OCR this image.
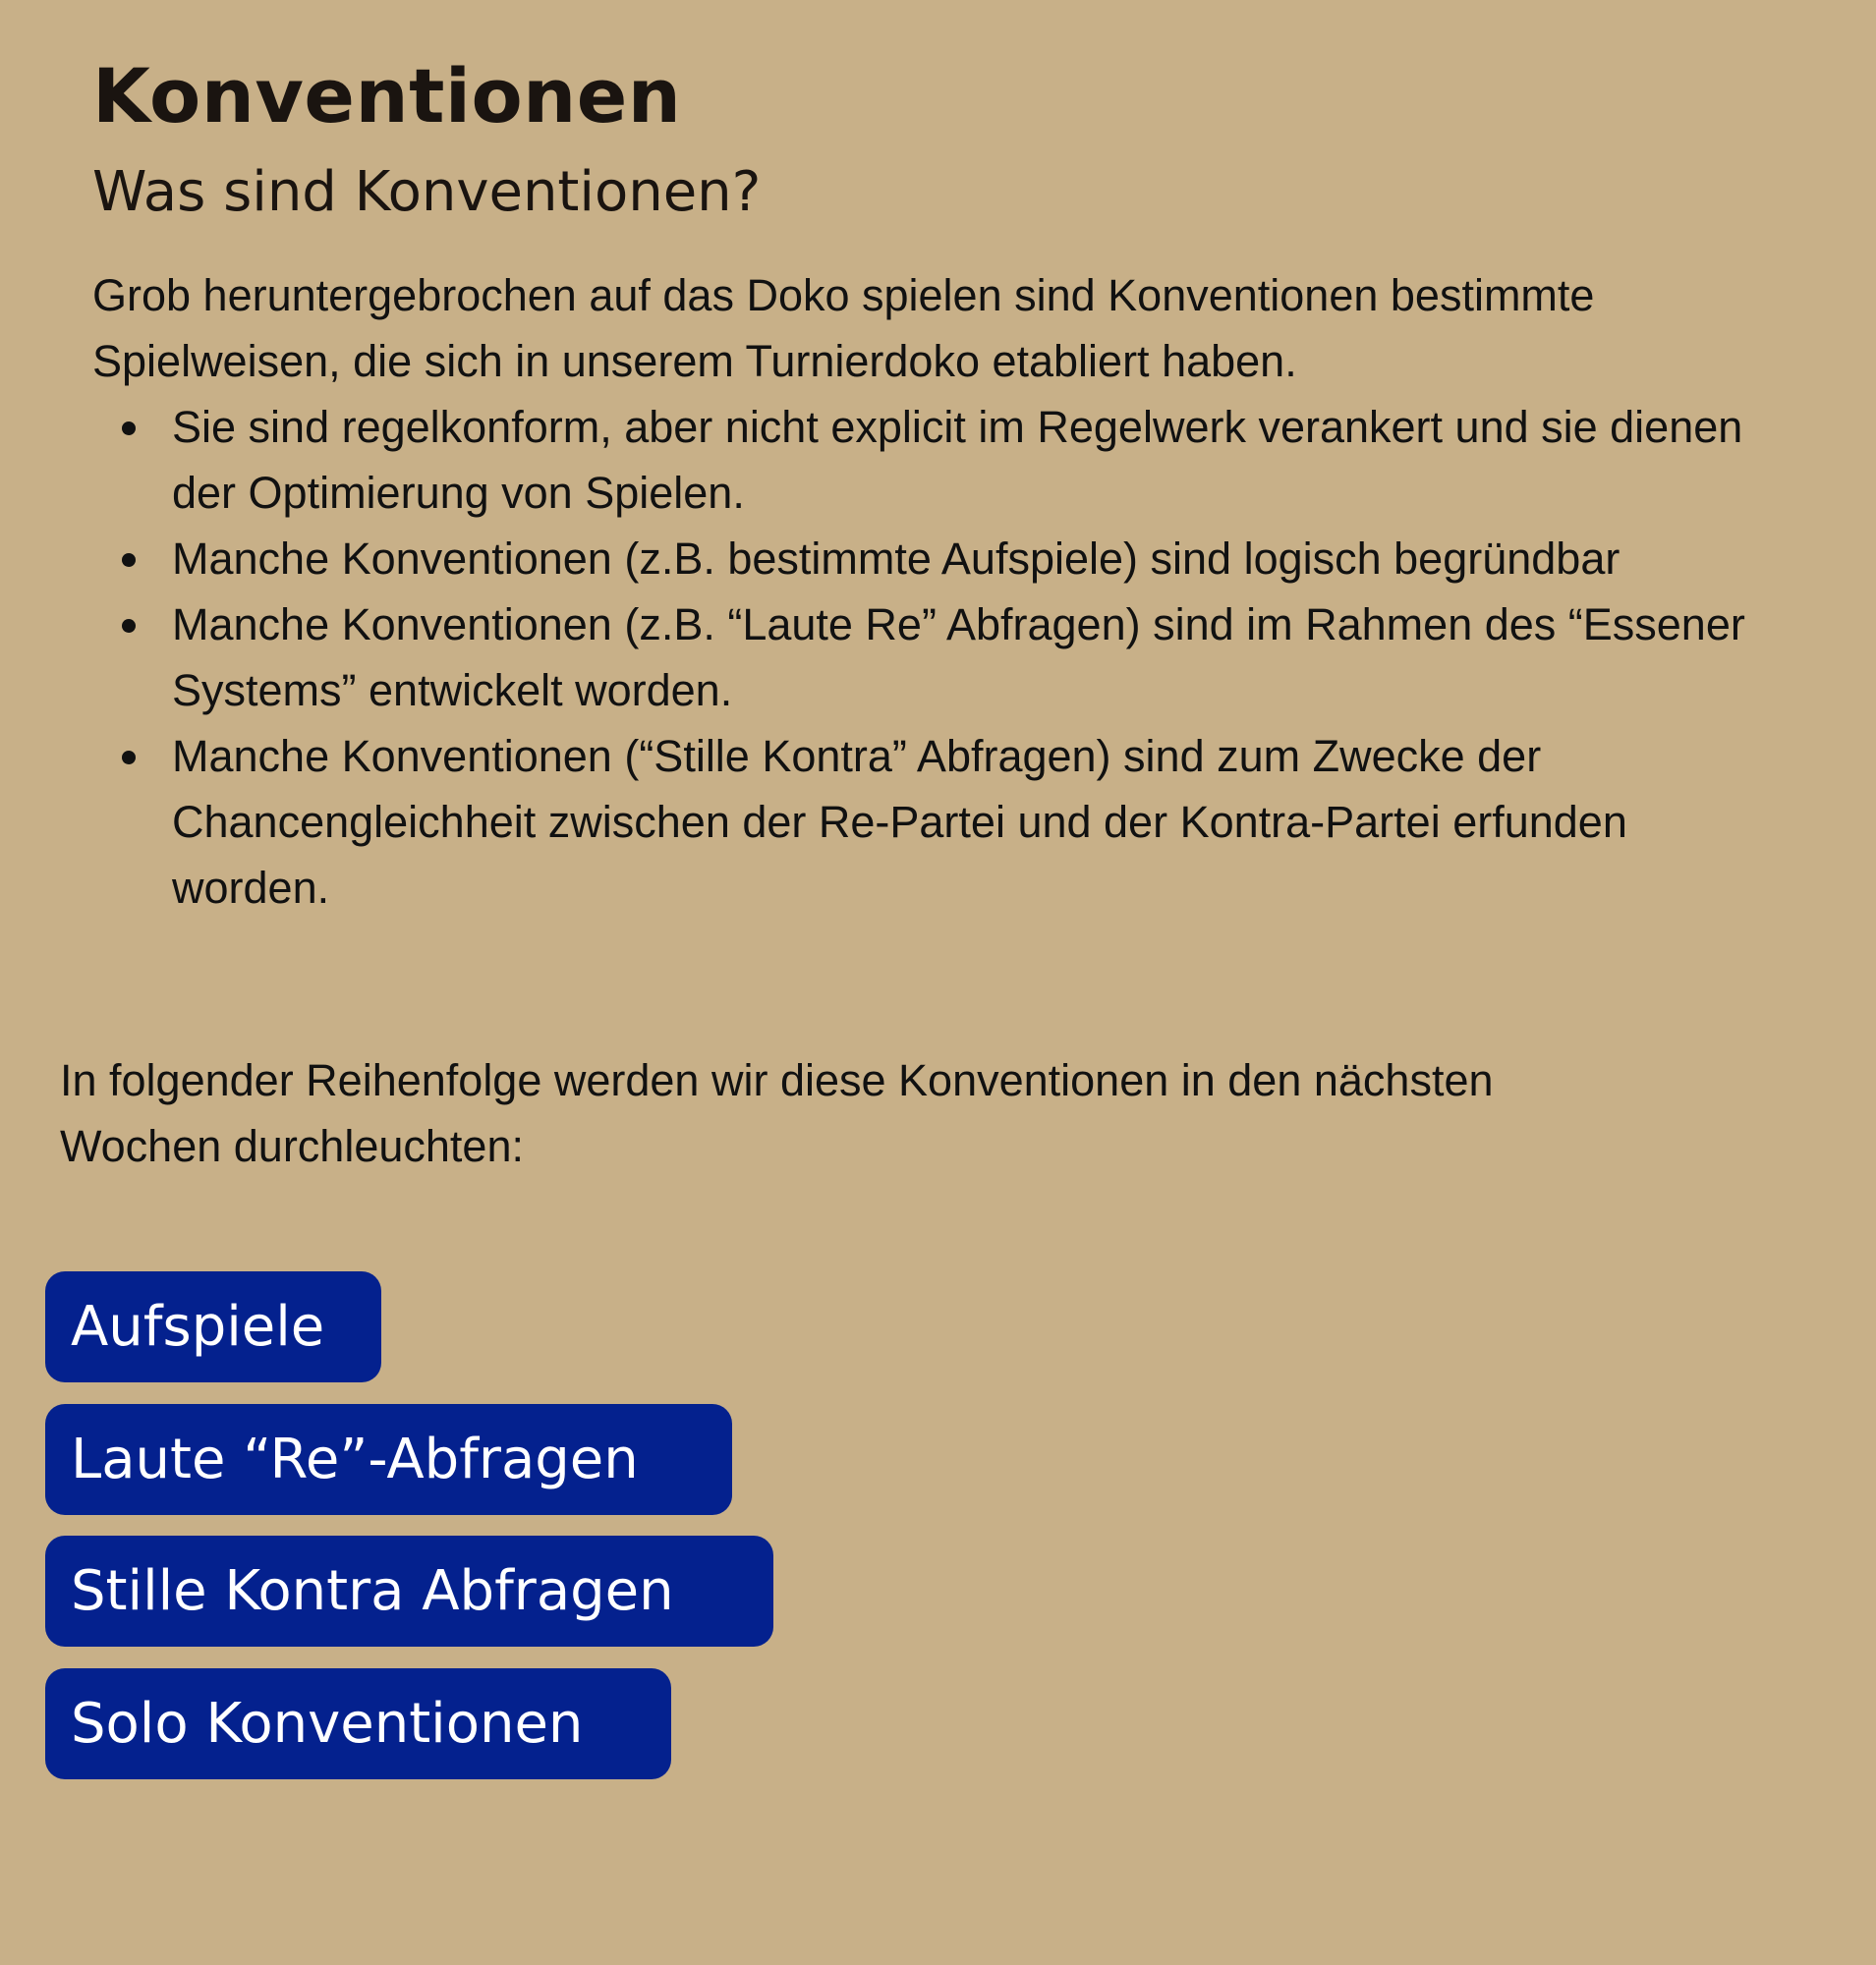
Konventionen
Was sind Konventionen?

Grob heruntergebrochen auf das Doko spielen sind Konventionen bestimmte Spielweisen, die sich in unserem Turnierdoko etabliert haben.

Sie sind regelkonform, aber nicht explicit im Regelwerk verankert und sie dienen der Optimierung von Spielen.
Manche Konventionen (z.B. bestimmte Aufspiele) sind logisch begründbar
Manche Konventionen (z.B. “Laute Re” Abfragen) sind im Rahmen des “Essener Systems” entwickelt worden.
Manche Konventionen (“Stille Kontra” Abfragen) sind zum Zwecke der Chancengleichheit zwischen der Re-Partei und der Kontra-Partei erfunden worden.

In folgender Reihenfolge werden wir diese Konventionen in den nächsten Wochen durchleuchten:

Aufspiele
Laute “Re”-Abfragen
Stille Kontra Abfragen
Solo Konventionen
